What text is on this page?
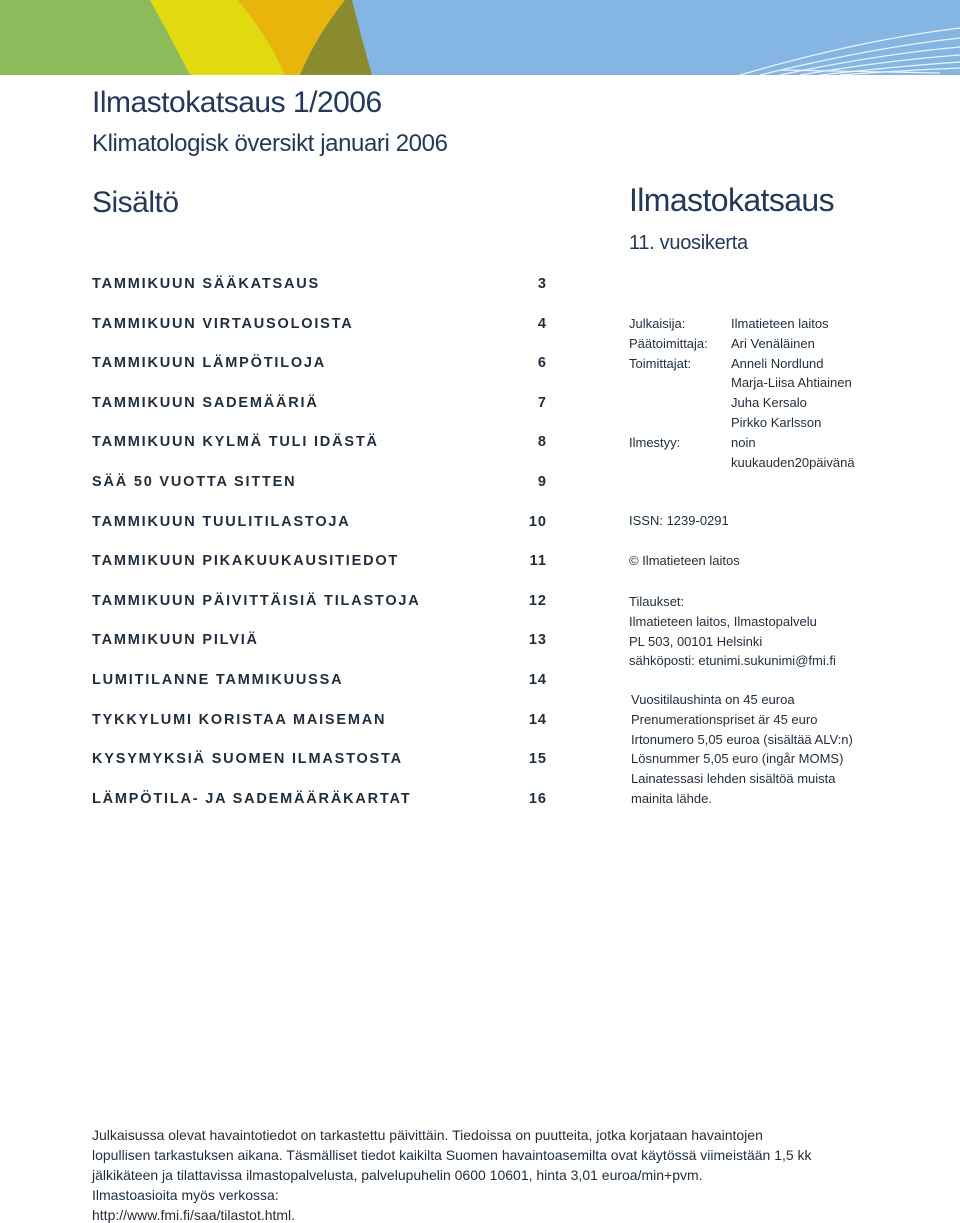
Ilmastokatsaus 1/2006
Klimatologisk översikt januari 2006
Sisältö
TAMMIKUUN SÄÄKATSAUS	3
TAMMIKUUN VIRTAUSOLOISTA	4
TAMMIKUUN LÄMPÖTILOJA	6
TAMMIKUUN SADEMÄÄRIÄ	7
TAMMIKUUN KYLMÄ TULI IDÄSTÄ	8
SÄÄ 50 VUOTTA SITTEN	9
TAMMIKUUN TUULITILASTOJA	10
TAMMIKUUN PIKAKUUKAUSITIEDOT	11
TAMMIKUUN PÄIVITTÄISIÄ TILASTOJA	12
TAMMIKUUN PILVIÄ	13
LUMITILANNE TAMMIKUUSSA	14
TYKKYLUMI KORISTAA MAISEMAN	14
KYSYMYKSIÄ SUOMEN ILMASTOSTA	15
LÄMPÖTILA- JA SADEMÄÄRÄKARTAT	16
Ilmastokatsaus
11. vuosikerta
Julkaisija:	Ilmatieteen laitos
Päätoimittaja: Ari Venäläinen
Toimittajat:	Anneli Nordlund
Marja-Liisa Ahtiainen
Juha Kersalo
Pirkko Karlsson
Ilmestyy:	noin
kuukauden20päivänä
ISSN: 1239-0291
© Ilmatieteen laitos
Tilaukset:
Ilmatieteen laitos, Ilmastopalvelu
PL 503, 00101 Helsinki
sähköposti: etunimi.sukunimi@fmi.fi
Vuositilaushinta on 45 euroa
Prenumerationspriset är 45 euro
Irtonumero 5,05 euroa (sisältää ALV:n)
Lösnummer 5,05 euro (ingår MOMS)
Lainatessasi lehden sisältöä muista
mainita lähde.
Julkaisussa olevat havaintotiedot on tarkastettu päivittäin. Tiedoissa on puutteita, jotka korjataan havaintojen
lopullisen tarkastuksen aikana. Täsmälliset tiedot kaikilta Suomen havaintoasemilta ovat käytössä viimeistään 1,5 kk
jälkikäteen ja tilattavissa ilmastopalvelusta, palvelupuhelin 0600 10601, hinta 3,01 euroa/min+pvm.
Ilmastoasioita myös verkossa:
http://www.fmi.fi/saa/tilastot.html.
